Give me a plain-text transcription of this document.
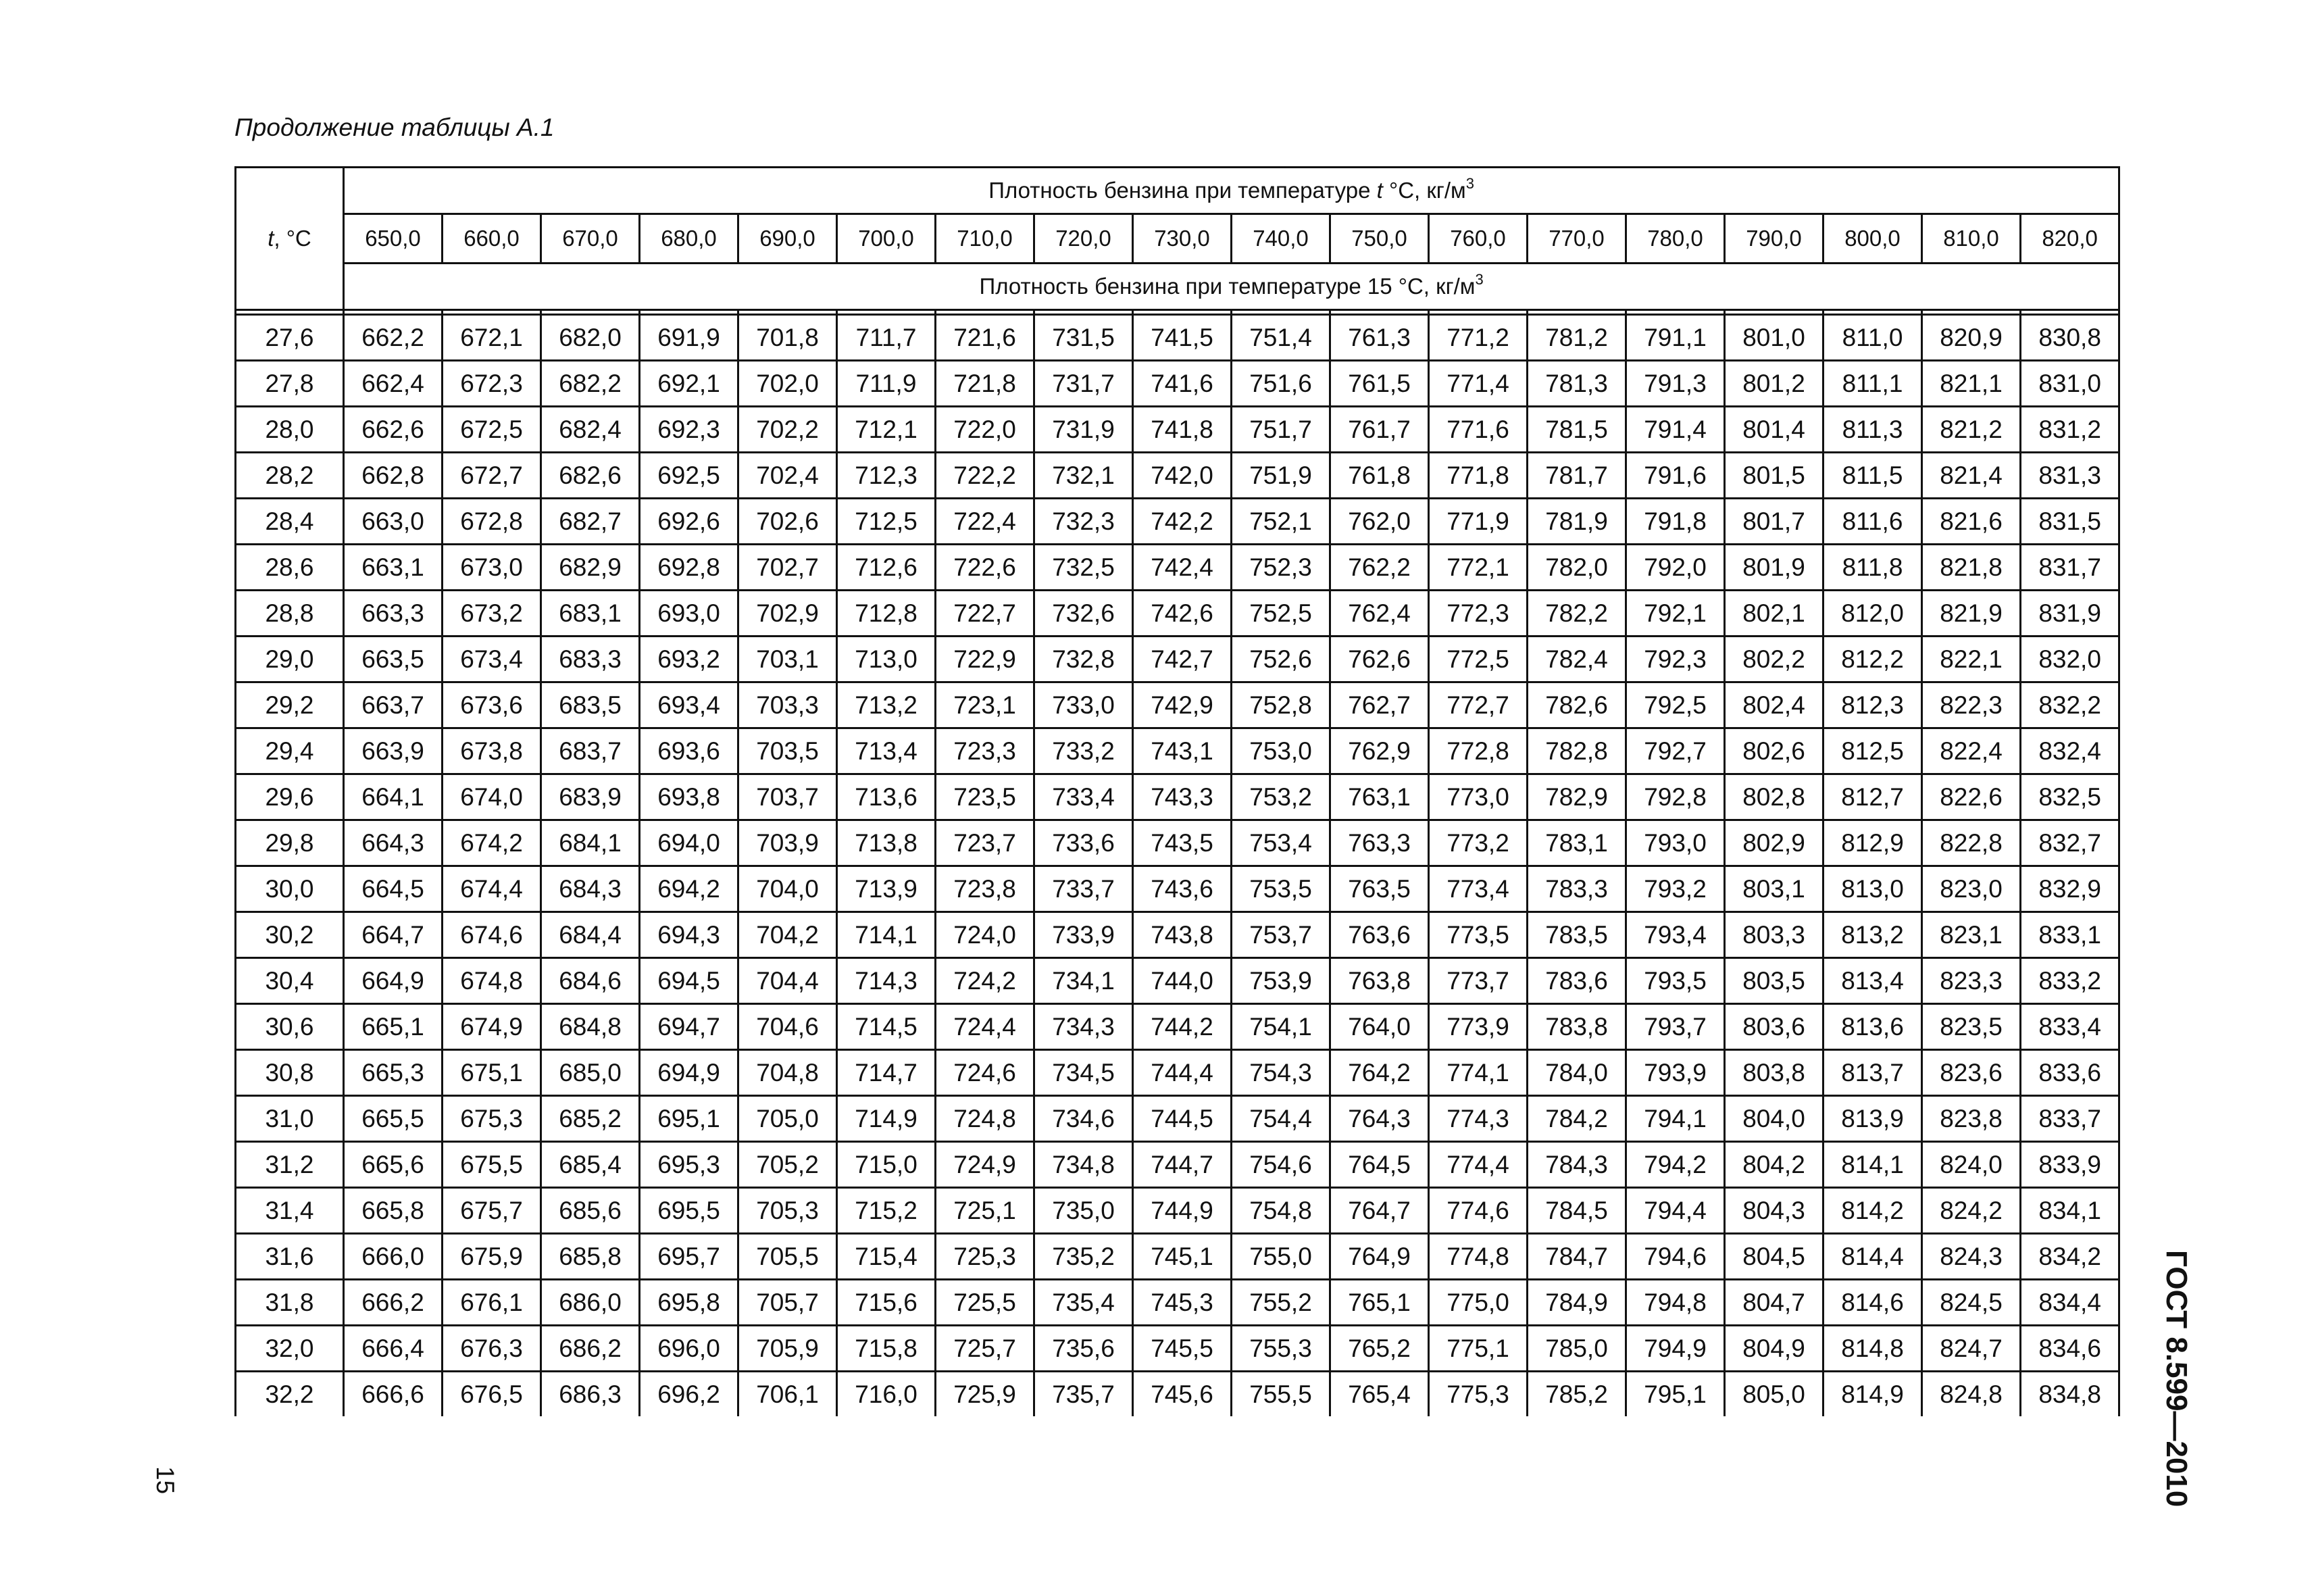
Продолжение таблицы А.1
t, °C	Плотность бензина при температуре t °C, $кг/м^3$
	650,0	660,0	670,0	680,0	690,0	700,0	710,0	720,0	730,0	740,0	750,0	760,0	770,0	780,0	790,0	800,0	810,0	820,0
	Плотность бензина при температуре 15 °C, $кг/м^3$

27,6	662,2	672,1	682,0	691,9	701,8	711,7	721,6	731,5	741,5	751,4	761,3	771,2	781,2	791,1	801,0	811,0	820,9	830,8
27,8	662,4	672,3	682,2	692,1	702,0	711,9	721,8	731,7	741,6	751,6	761,5	771,4	781,3	791,3	801,2	811,1	821,1	831,0
28,0	662,6	672,5	682,4	692,3	702,2	712,1	722,0	731,9	741,8	751,7	761,7	771,6	781,5	791,4	801,4	811,3	821,2	831,2
28,2	662,8	672,7	682,6	692,5	702,4	712,3	722,2	732,1	742,0	751,9	761,8	771,8	781,7	791,6	801,5	811,5	821,4	831,3
28,4	663,0	672,8	682,7	692,6	702,6	712,5	722,4	732,3	742,2	752,1	762,0	771,9	781,9	791,8	801,7	811,6	821,6	831,5
28,6	663,1	673,0	682,9	692,8	702,7	712,6	722,6	732,5	742,4	752,3	762,2	772,1	782,0	792,0	801,9	811,8	821,8	831,7
28,8	663,3	673,2	683,1	693,0	702,9	712,8	722,7	732,6	742,6	752,5	762,4	772,3	782,2	792,1	802,1	812,0	821,9	831,9
29,0	663,5	673,4	683,3	693,2	703,1	713,0	722,9	732,8	742,7	752,6	762,6	772,5	782,4	792,3	802,2	812,2	822,1	832,0
29,2	663,7	673,6	683,5	693,4	703,3	713,2	723,1	733,0	742,9	752,8	762,7	772,7	782,6	792,5	802,4	812,3	822,3	832,2
29,4	663,9	673,8	683,7	693,6	703,5	713,4	723,3	733,2	743,1	753,0	762,9	772,8	782,8	792,7	802,6	812,5	822,4	832,4
29,6	664,1	674,0	683,9	693,8	703,7	713,6	723,5	733,4	743,3	753,2	763,1	773,0	782,9	792,8	802,8	812,7	822,6	832,5
29,8	664,3	674,2	684,1	694,0	703,9	713,8	723,7	733,6	743,5	753,4	763,3	773,2	783,1	793,0	802,9	812,9	822,8	832,7
30,0	664,5	674,4	684,3	694,2	704,0	713,9	723,8	733,7	743,6	753,5	763,5	773,4	783,3	793,2	803,1	813,0	823,0	832,9
30,2	664,7	674,6	684,4	694,3	704,2	714,1	724,0	733,9	743,8	753,7	763,6	773,5	783,5	793,4	803,3	813,2	823,1	833,1
30,4	664,9	674,8	684,6	694,5	704,4	714,3	724,2	734,1	744,0	753,9	763,8	773,7	783,6	793,5	803,5	813,4	823,3	833,2
30,6	665,1	674,9	684,8	694,7	704,6	714,5	724,4	734,3	744,2	754,1	764,0	773,9	783,8	793,7	803,6	813,6	823,5	833,4
30,8	665,3	675,1	685,0	694,9	704,8	714,7	724,6	734,5	744,4	754,3	764,2	774,1	784,0	793,9	803,8	813,7	823,6	833,6
31,0	665,5	675,3	685,2	695,1	705,0	714,9	724,8	734,6	744,5	754,4	764,3	774,3	784,2	794,1	804,0	813,9	823,8	833,7
31,2	665,6	675,5	685,4	695,3	705,2	715,0	724,9	734,8	744,7	754,6	764,5	774,4	784,3	794,2	804,2	814,1	824,0	833,9
31,4	665,8	675,7	685,6	695,5	705,3	715,2	725,1	735,0	744,9	754,8	764,7	774,6	784,5	794,4	804,3	814,2	824,2	834,1
31,6	666,0	675,9	685,8	695,7	705,5	715,4	725,3	735,2	745,1	755,0	764,9	774,8	784,7	794,6	804,5	814,4	824,3	834,2
31,8	666,2	676,1	686,0	695,8	705,7	715,6	725,5	735,4	745,3	755,2	765,1	775,0	784,9	794,8	804,7	814,6	824,5	834,4
32,0	666,4	676,3	686,2	696,0	705,9	715,8	725,7	735,6	745,5	755,3	765,2	775,1	785,0	794,9	804,9	814,8	824,7	834,6
32,2	666,6	676,5	686,3	696,2	706,1	716,0	725,9	735,7	745,6	755,5	765,4	775,3	785,2	795,1	805,0	814,9	824,8	834,8
15	ГОСТ 8.599—2010
